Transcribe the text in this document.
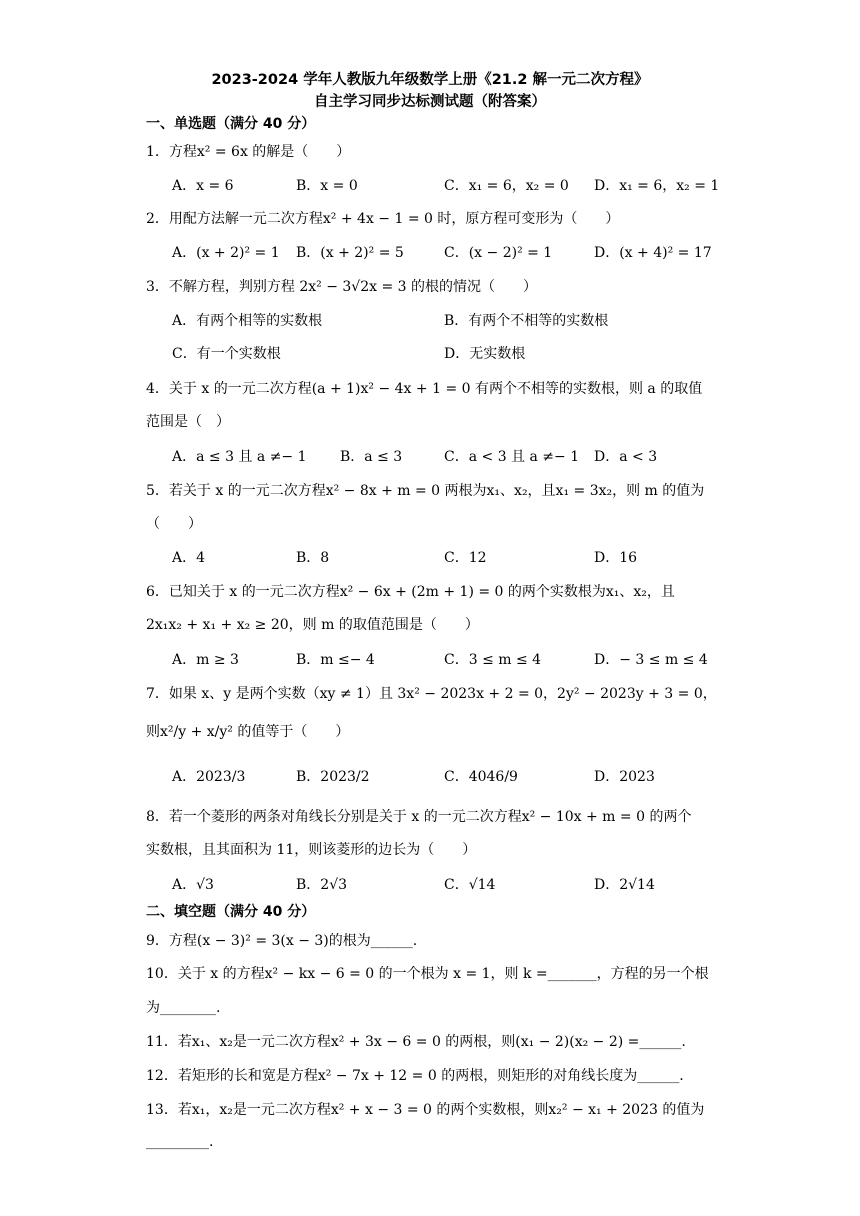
2023-2024 学年人教版九年级数学上册《21.2 解一元二次方程》
自主学习同步达标测试题（附答案）
一、单选题（满分 40 分）
1．方程x² = 6x 的解是（　　）
A．x = 6	B．x = 0	C．x₁ = 6，x₂ = 0 D．x₁ = 6，x₂ = 1
2．用配方法解一元二次方程x² + 4x − 1 = 0 时，原方程可变形为（　　）
A．(x + 2)² = 1 B．(x + 2)² = 5	C．(x − 2)² = 1	D．(x + 4)² = 17
3．不解方程，判别方程 2x² − 3√2x = 3 的根的情况（　　）
A．有两个相等的实数根	B．有两个不相等的实数根
C．有一个实数根	D．无实数根
4．关于 x 的一元二次方程(a + 1)x² − 4x + 1 = 0 有两个不相等的实数根，则 a 的取值
范围是（　）
A．a ≤ 3 且 a ≠− 1 B．a ≤ 3	C．a < 3 且 a ≠− 1 D．a < 3
5．若关于 x 的一元二次方程x² − 8x + m = 0 两根为x₁、x₂，且x₁ = 3x₂，则 m 的值为
（　　）
A．4	B．8	C．12	D．16
6．已知关于 x 的一元二次方程x² − 6x + (2m + 1) = 0 的两个实数根为x₁、x₂，且
2x₁x₂ + x₁ + x₂ ≥ 20，则 m 的取值范围是（　　）
A．m ≥ 3	B．m ≤− 4	C．3 ≤ m ≤ 4	D．− 3 ≤ m ≤ 4
7．如果 x、y 是两个实数（xy ≠ 1）且 3x² − 2023x + 2 = 0，2y² − 2023y + 3 = 0，
则x²/y + x/y² 的值等于（　　）
A．2023/3	B．2023/2	C．4046/9	D．2023
8．若一个菱形的两条对角线长分别是关于 x 的一元二次方程x² − 10x + m = 0 的两个
实数根，且其面积为 11，则该菱形的边长为（　　）
A．√3	B．2√3	C．√14	D．2√14
二、填空题（满分 40 分）
9．方程(x − 3)² = 3(x − 3)的根为______.
10．关于 x 的方程x² − kx − 6 = 0 的一个根为 x = 1，则 k =_______，方程的另一个根
为________.
11．若x₁、x₂是一元二次方程x² + 3x − 6 = 0 的两根，则(x₁ − 2)(x₂ − 2) =______.
12．若矩形的长和宽是方程x² − 7x + 12 = 0 的两根，则矩形的对角线长度为______.
13．若x₁，x₂是一元二次方程x² + x − 3 = 0 的两个实数根，则x₂² − x₁ + 2023 的值为
_________.
